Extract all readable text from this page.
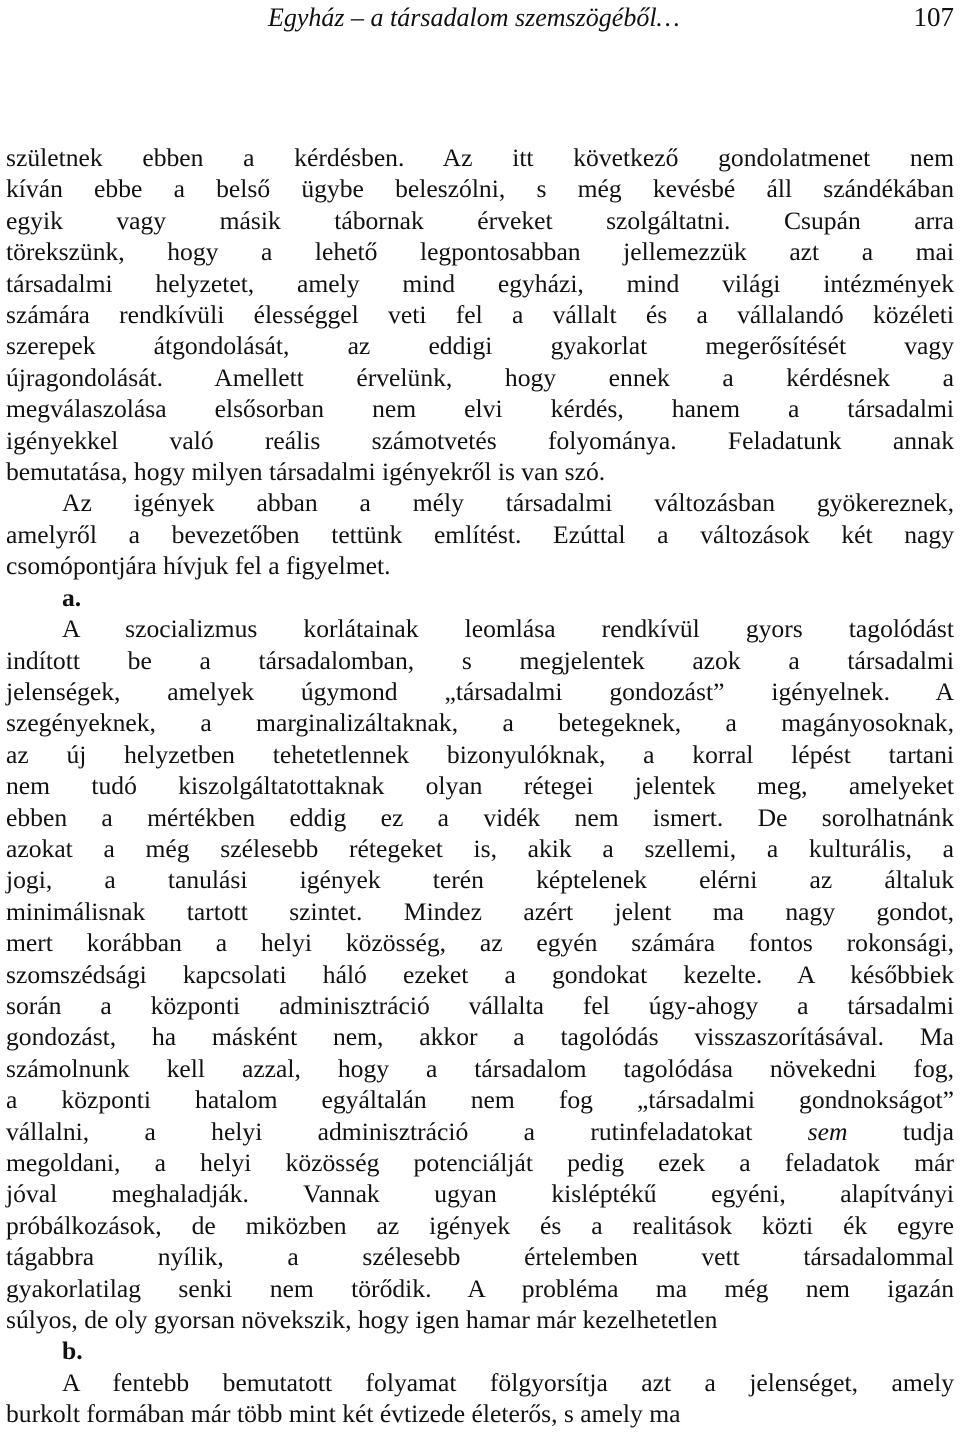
Egyház – a társadalom szemszögéből…	107

születnek ebben a kérdésben. Az itt következő gondolatmenet nem
kíván ebbe a belső ügybe beleszólni, s még kevésbé áll szándékában
egyik vagy másik tábornak érveket szolgáltatni. Csupán arra
törekszünk, hogy a lehető legpontosabban jellemezzük azt a mai
társadalmi helyzetet, amely mind egyházi, mind világi intézmények
számára rendkívüli élességgel veti fel a vállalt és a vállalandó közéleti
szerepek átgondolását, az eddigi gyakorlat megerősítését vagy
újragondolását. Amellett érvelünk, hogy ennek a kérdésnek a
megválaszolása elsősorban nem elvi kérdés, hanem a társadalmi
igényekkel való reális számotvetés folyománya. Feladatunk annak
bemutatása, hogy milyen társadalmi igényekről is van szó.

Az igények abban a mély társadalmi változásban gyökereznek,
amelyről a bevezetőben tettünk említést. Ezúttal a változások két nagy
csomópontjára hívjuk fel a figyelmet.

a.

A szocializmus korlátainak leomlása rendkívül gyors tagolódást
indított be a társadalomban, s megjelentek azok a társadalmi
jelenségek, amelyek úgymond „társadalmi gondozást” igényelnek. A
szegényeknek, a marginalizáltaknak, a betegeknek, a magányosoknak,
az új helyzetben tehetetlennek bizonyulóknak, a korral lépést tartani
nem tudó kiszolgáltatottaknak olyan rétegei jelentek meg, amelyeket
ebben a mértékben eddig ez a vidék nem ismert. De sorolhatnánk
azokat a még szélesebb rétegeket is, akik a szellemi, a kulturális, a
jogi, a tanulási igények terén képtelenek elérni az általuk
minimálisnak tartott szintet. Mindez azért jelent ma nagy gondot,
mert korábban a helyi közösség, az egyén számára fontos rokonsági,
szomszédsági kapcsolati háló ezeket a gondokat kezelte. A későbbiek
során a központi adminisztráció vállalta fel úgy-ahogy a társadalmi
gondozást, ha másként nem, akkor a tagolódás visszaszorításával. Ma
számolnunk kell azzal, hogy a társadalom tagolódása növekedni fog,
a központi hatalom egyáltalán nem fog „társadalmi gondnokságot”
vállalni, a helyi adminisztráció a rutinfeladatokat sem tudja
megoldani, a helyi közösség potenciálját pedig ezek a feladatok már
jóval meghaladják. Vannak ugyan kisléptékű egyéni, alapítványi
próbálkozások, de miközben az igények és a realitások közti ék egyre
tágabbra nyílik, a szélesebb értelemben vett társadalommal
gyakorlatilag senki nem törődik. A probléma ma még nem igazán
súlyos, de oly gyorsan növekszik, hogy igen hamar már kezelhetetlen

b.

A fentebb bemutatott folyamat fölgyorsítja azt a jelenséget, amely
burkolt formában már több mint két évtizede életerős, s amely ma
